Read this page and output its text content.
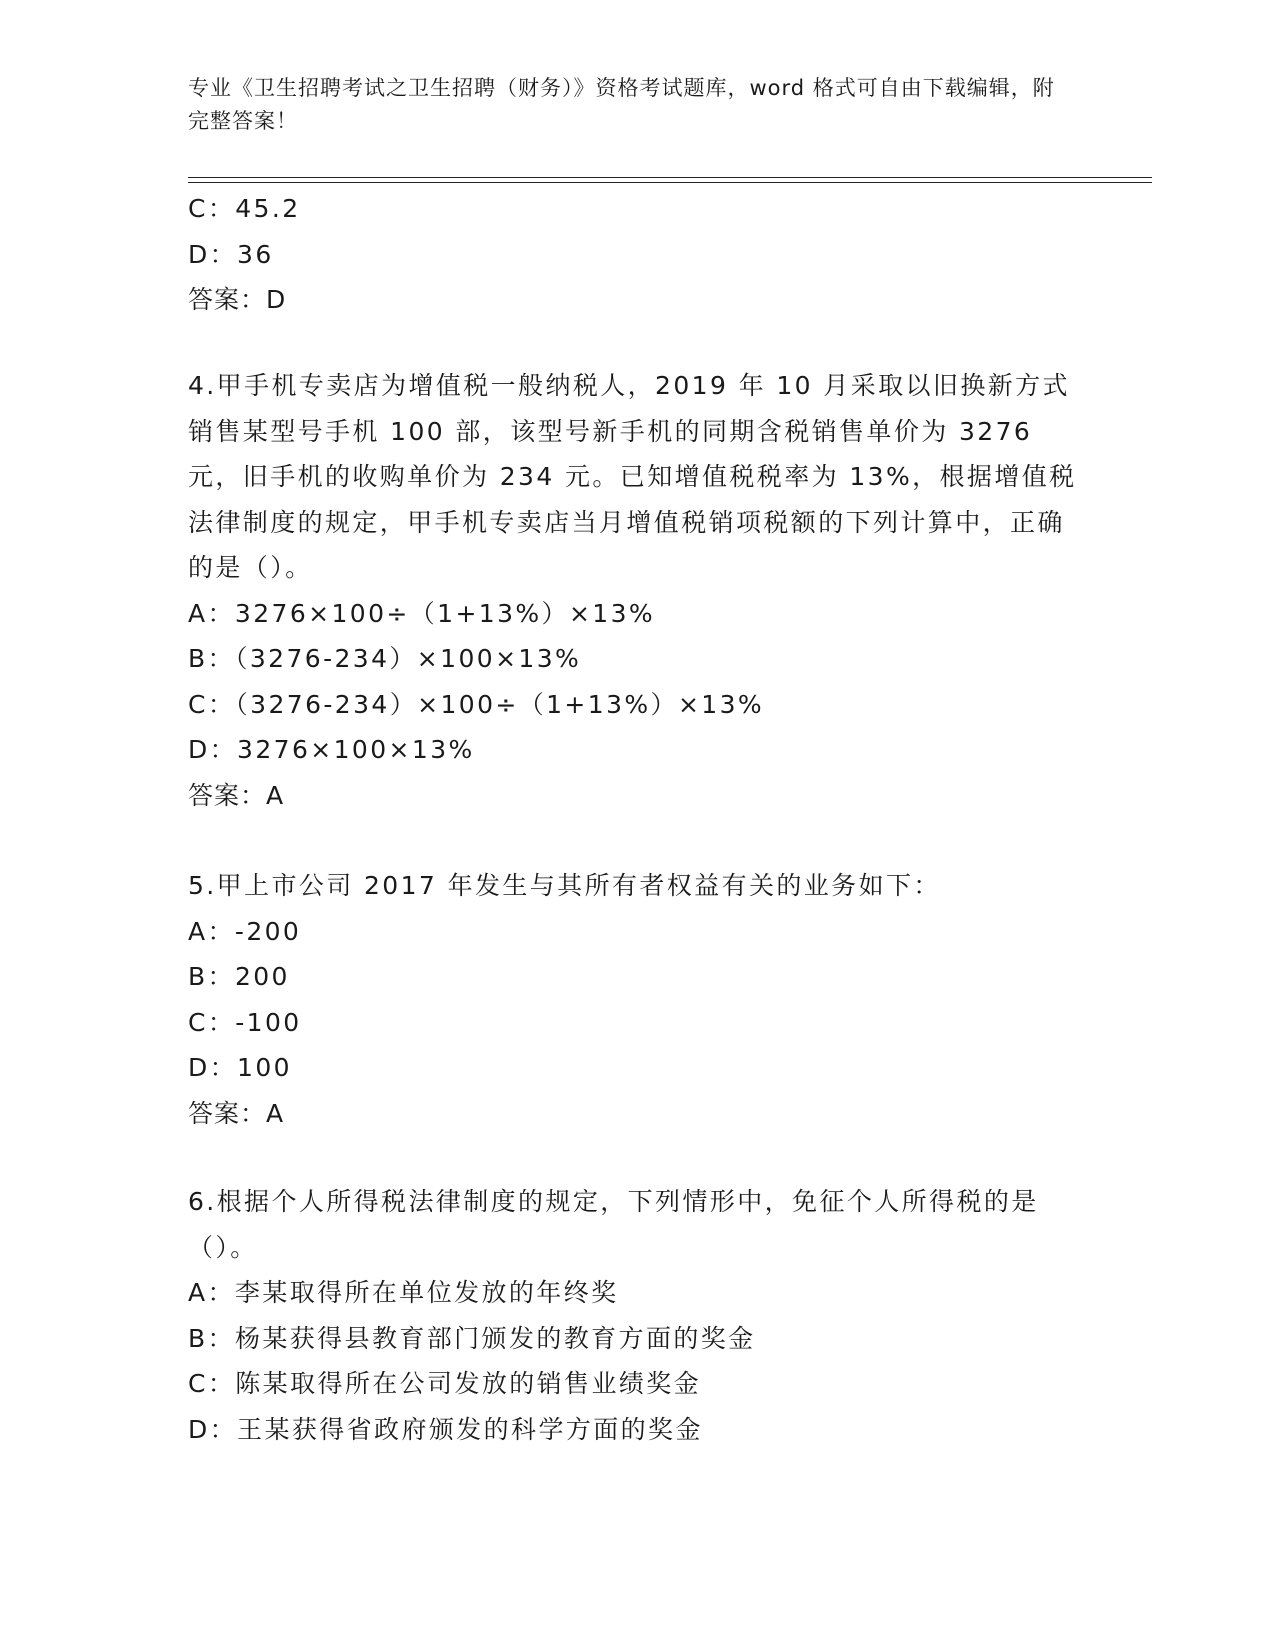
专业《卫生招聘考试之卫生招聘（财务）》资格考试题库，word 格式可自由下载编辑，附完整答案！
C：45.2
D：36
答案：D
4.甲手机专卖店为增值税一般纳税人，2019 年 10 月采取以旧换新方式销售某型号手机 100 部，该型号新手机的同期含税销售单价为 3276 元，旧手机的收购单价为 234 元。已知增值税税率为 13%，根据增值税法律制度的规定，甲手机专卖店当月增值税销项税额的下列计算中，正确的是（）。
A：3276×100÷（1+13%）×13%
B：（3276-234）×100×13%
C：（3276-234）×100÷（1+13%）×13%
D：3276×100×13%
答案：A
5.甲上市公司 2017 年发生与其所有者权益有关的业务如下：
A：-200
B：200
C：-100
D：100
答案：A
6.根据个人所得税法律制度的规定，下列情形中，免征个人所得税的是（）。
A：李某取得所在单位发放的年终奖
B：杨某获得县教育部门颁发的教育方面的奖金
C：陈某取得所在公司发放的销售业绩奖金
D：王某获得省政府颁发的科学方面的奖金
